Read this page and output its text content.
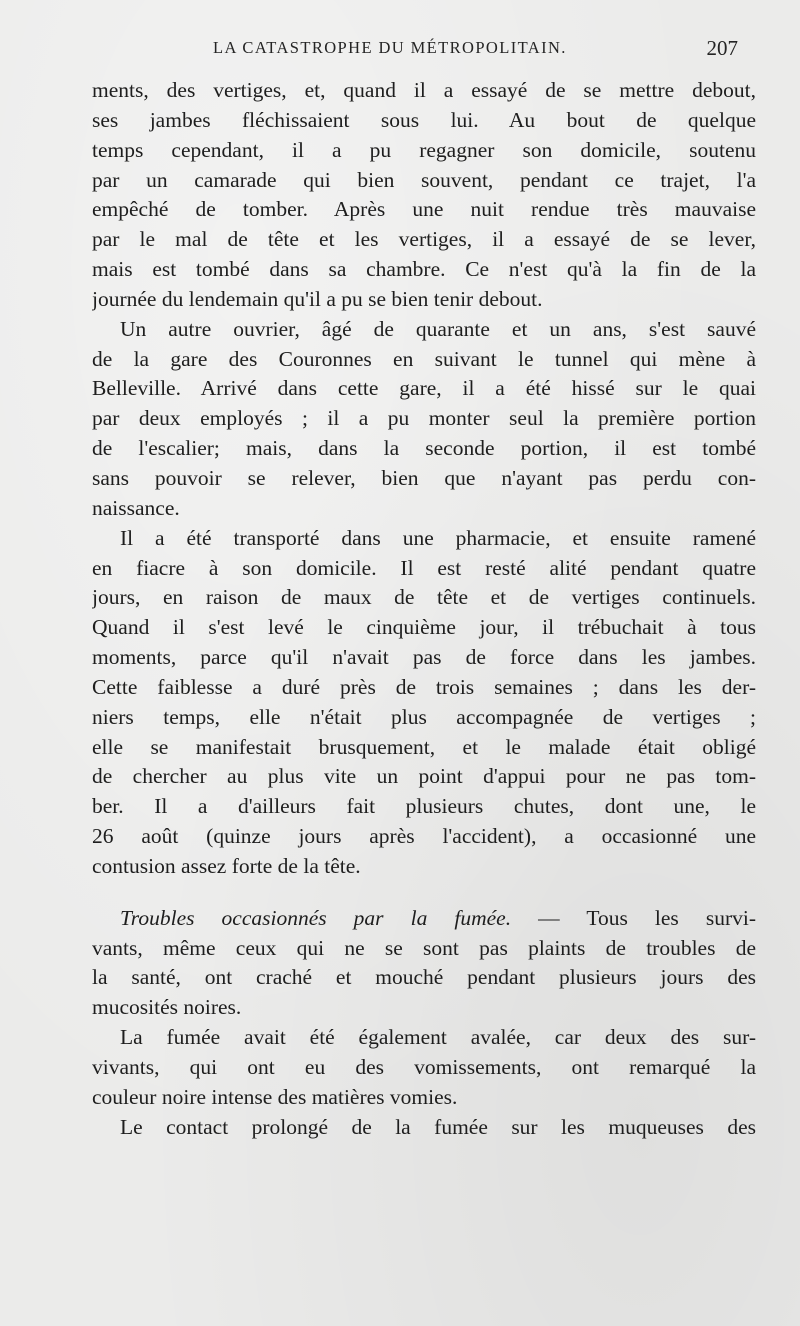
LA CATASTROPHE DU MÉTROPOLITAIN.	207
ments, des vertiges, et, quand il a essayé de se mettre debout,
ses jambes fléchissaient sous lui. Au bout de quelque
temps cependant, il a pu regagner son domicile, soutenu
par un camarade qui bien souvent, pendant ce trajet, l'a
empêché de tomber. Après une nuit rendue très mauvaise
par le mal de tête et les vertiges, il a essayé de se lever,
mais est tombé dans sa chambre. Ce n'est qu'à la fin de la
journée du lendemain qu'il a pu se bien tenir debout.
Un autre ouvrier, âgé de quarante et un ans, s'est sauvé
de la gare des Couronnes en suivant le tunnel qui mène à
Belleville. Arrivé dans cette gare, il a été hissé sur le quai
par deux employés ; il a pu monter seul la première portion
de l'escalier; mais, dans la seconde portion, il est tombé
sans pouvoir se relever, bien que n'ayant pas perdu con-
naissance.
Il a été transporté dans une pharmacie, et ensuite ramené
en fiacre à son domicile. Il est resté alité pendant quatre
jours, en raison de maux de tête et de vertiges continuels.
Quand il s'est levé le cinquième jour, il trébuchait à tous
moments, parce qu'il n'avait pas de force dans les jambes.
Cette faiblesse a duré près de trois semaines ; dans les der-
niers temps, elle n'était plus accompagnée de vertiges ;
elle se manifestait brusquement, et le malade était obligé
de chercher au plus vite un point d'appui pour ne pas tom-
ber. Il a d'ailleurs fait plusieurs chutes, dont une, le
26 août (quinze jours après l'accident), a occasionné une
contusion assez forte de la tête.
Troubles occasionnés par la fumée. — Tous les survi-
vants, même ceux qui ne se sont pas plaints de troubles de
la santé, ont craché et mouché pendant plusieurs jours des
mucosités noires.
La fumée avait été également avalée, car deux des sur-
vivants, qui ont eu des vomissements, ont remarqué la
couleur noire intense des matières vomies.
Le contact prolongé de la fumée sur les muqueuses des
